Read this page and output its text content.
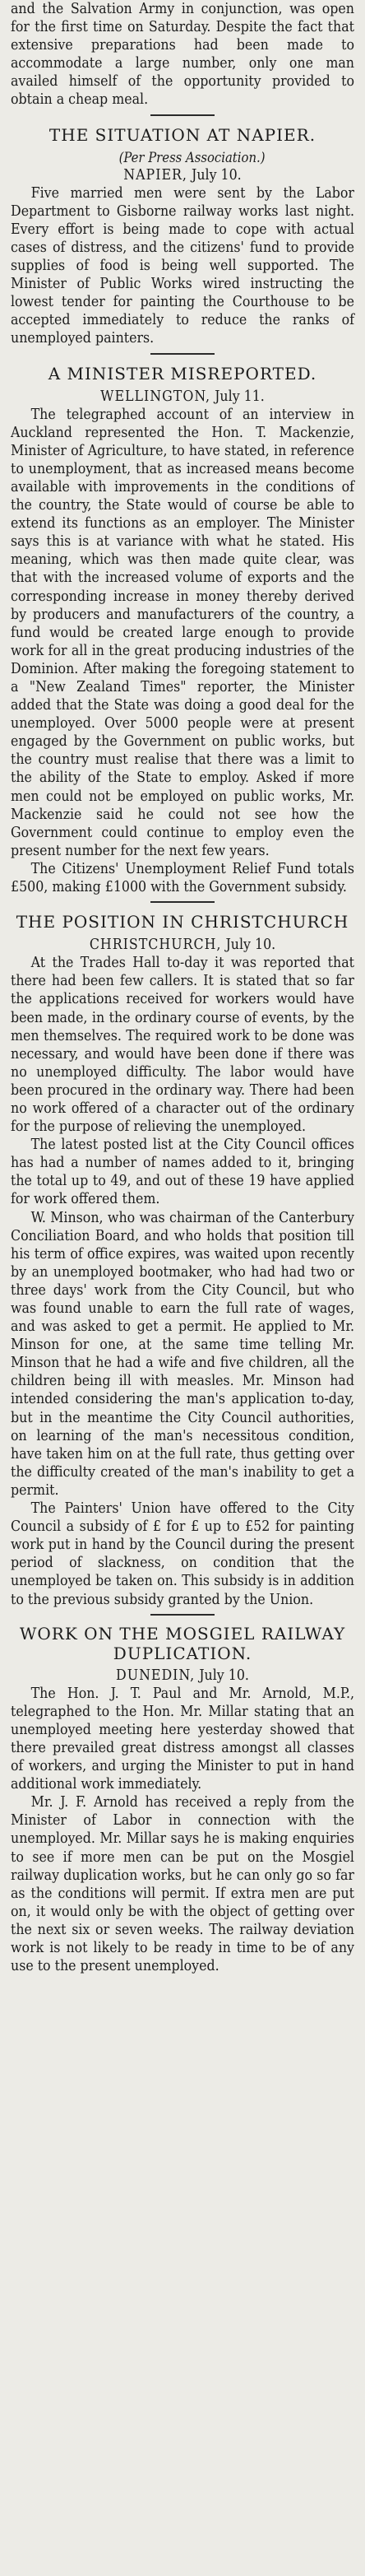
and the Salvation Army in conjunction, was open for the first time on Saturday. Despite the fact that extensive preparations had been made to accommodate a large number, only one man availed himself of the opportunity provided to obtain a cheap meal.

THE SITUATION AT NAPIER.

(Per Press Association.)

NAPIER, July 10.

Five married men were sent by the Labor Department to Gisborne railway works last night. Every effort is being made to cope with actual cases of distress, and the citizens' fund to provide supplies of food is being well supported. The Minister of Public Works wired instructing the lowest tender for painting the Courthouse to be accepted immediately to reduce the ranks of unemployed painters.

A MINISTER MISREPORTED.

WELLINGTON, July 11.

The telegraphed account of an interview in Auckland represented the Hon. T. Mackenzie, Minister of Agriculture, to have stated, in reference to unemployment, that as increased means become available with improvements in the conditions of the country, the State would of course be able to extend its functions as an employer. The Minister says this is at variance with what he stated. His meaning, which was then made quite clear, was that with the increased volume of exports and the corresponding increase in money thereby derived by producers and manufacturers of the country, a fund would be created large enough to provide work for all in the great producing industries of the Dominion. After making the foregoing statement to a "New Zealand Times" reporter, the Minister added that the State was doing a good deal for the unemployed. Over 5000 people were at present engaged by the Government on public works, but the country must realise that there was a limit to the ability of the State to employ. Asked if more men could not be employed on public works, Mr. Mackenzie said he could not see how the Government could continue to employ even the present number for the next few years.

The Citizens' Unemployment Relief Fund totals £500, making £1000 with the Government subsidy.

THE POSITION IN CHRISTCHURCH

CHRISTCHURCH, July 10.

At the Trades Hall to-day it was reported that there had been few callers. It is stated that so far the applications received for workers would have been made, in the ordinary course of events, by the men themselves. The required work to be done was necessary, and would have been done if there was no unemployed difficulty. The labor would have been procured in the ordinary way. There had been no work offered of a character out of the ordinary for the purpose of relieving the unemployed.

The latest posted list at the City Council offices has had a number of names added to it, bringing the total up to 49, and out of these 19 have applied for work offered them.

W. Minson, who was chairman of the Canterbury Conciliation Board, and who holds that position till his term of office expires, was waited upon recently by an unemployed bootmaker, who had had two or three days' work from the City Council, but who was found unable to earn the full rate of wages, and was asked to get a permit. He applied to Mr. Minson for one, at the same time telling Mr. Minson that he had a wife and five children, all the children being ill with measles. Mr. Minson had intended considering the man's application to-day, but in the meantime the City Council authorities, on learning of the man's necessitous condition, have taken him on at the full rate, thus getting over the difficulty created of the man's inability to get a permit.

The Painters' Union have offered to the City Council a subsidy of £ for £ up to £52 for painting work put in hand by the Council during the present period of slackness, on condition that the unemployed be taken on. This subsidy is in addition to the previous subsidy granted by the Union.

WORK ON THE MOSGIEL RAILWAY DUPLICATION.

DUNEDIN, July 10.

The Hon. J. T. Paul and Mr. Arnold, M.P., telegraphed to the Hon. Mr. Millar stating that an unemployed meeting here yesterday showed that there prevailed great distress amongst all classes of workers, and urging the Minister to put in hand additional work immediately.

Mr. J. F. Arnold has received a reply from the Minister of Labor in connection with the unemployed. Mr. Millar says he is making enquiries to see if more men can be put on the Mosgiel railway duplication works, but he can only go so far as the conditions will permit. If extra men are put on, it would only be with the object of getting over the next six or seven weeks. The railway deviation work is not likely to be ready in time to be of any use to the present unemployed.
